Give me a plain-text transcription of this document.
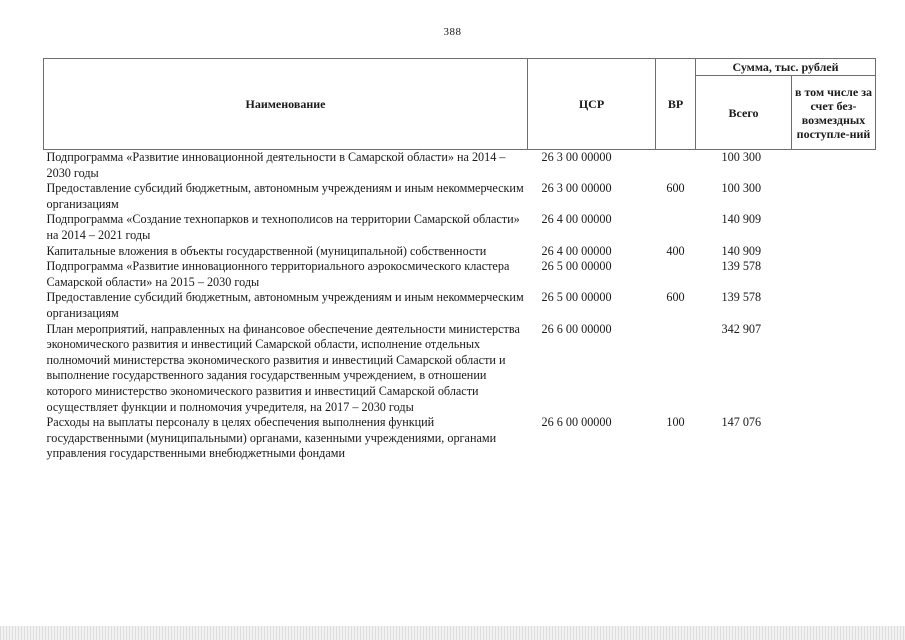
388
Наименование	ЦСР	ВР	Сумма, тыс. рублей	
			Всего	в том числе за счет без-возмездных поступле-ний
Подпрограмма «Развитие инновационной деятельности в Самарской области» на 2014 – 2030 годы	26 3 00 00000		100 300	
Предоставление субсидий бюджетным, автономным учреждениям и иным некоммерческим организациям	26 3 00 00000	600	100 300	
Подпрограмма «Создание технопарков и технополисов на территории Самарской области» на 2014 – 2021 годы	26 4 00 00000		140 909	
Капитальные вложения в объекты государственной (муниципальной) собственности	26 4 00 00000	400	140 909	
Подпрограмма «Развитие инновационного территориального аэрокосмического кластера Самарской области» на 2015 – 2030 годы	26 5 00 00000		139 578	
Предоставление субсидий бюджетным, автономным учреждениям и иным некоммерческим организациям	26 5 00 00000	600	139 578	
План мероприятий, направленных на финансовое обеспечение деятельности министерства экономического развития и инвестиций Самарской области, исполнение отдельных полномочий министерства экономического развития и инвестиций Самарской области и выполнение государственного задания государственным учреждением, в отношении которого министерство экономического развития и инвестиций Самарской области осуществляет функции и полномочия учредителя, на 2017 – 2030 годы	26 6 00 00000		342 907	
Расходы на выплаты персоналу в целях обеспечения выполнения функций государственными (муниципальными) органами, казенными учреждениями, органами управления государственными внебюджетными фондами	26 6 00 00000	100	147 076	
